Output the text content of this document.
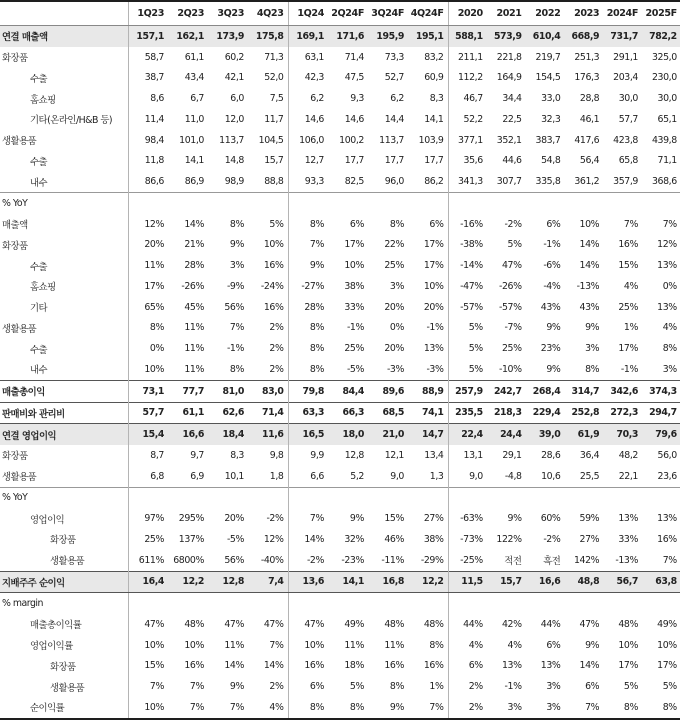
	1Q23	2Q23	3Q23	4Q23	1Q24	2Q24F	3Q24F	4Q24F	2020	2021	2022	2023	2024F	2025F
연결 매출액	157,1	162,1	173,9	175,8	169,1	171,6	195,9	195,1	588,1	573,9	610,4	668,9	731,7	782,2
화장품	58,7	61,1	60,2	71,3	63,1	71,4	73,3	83,2	211,1	221,8	219,7	251,3	291,1	325,0
수출	38,7	43,4	42,1	52,0	42,3	47,5	52,7	60,9	112,2	164,9	154,5	176,3	203,4	230,0
홈쇼핑	8,6	6,7	6,0	7,5	6,2	9,3	6,2	8,3	46,7	34,4	33,0	28,8	30,0	30,0
기타(온라인/H&B 등)	11,4	11,0	12,0	11,7	14,6	14,6	14,4	14,1	52,2	22,5	32,3	46,1	57,7	65,1
생활용품	98,4	101,0	113,7	104,5	106,0	100,2	113,7	103,9	377,1	352,1	383,7	417,6	423,8	439,8
수출	11,8	14,1	14,8	15,7	12,7	17,7	17,7	17,7	35,6	44,6	54,8	56,4	65,8	71,1
내수	86,6	86,9	98,9	88,8	93,3	82,5	96,0	86,2	341,3	307,7	335,8	361,2	357,9	368,6
% YoY														
매출액	12%	14%	8%	5%	8%	6%	8%	6%	-16%	-2%	6%	10%	7%	7%
화장품	20%	21%	9%	10%	7%	17%	22%	17%	-38%	5%	-1%	14%	16%	12%
수출	11%	28%	3%	16%	9%	10%	25%	17%	-14%	47%	-6%	14%	15%	13%
홈쇼핑	17%	-26%	-9%	-24%	-27%	38%	3%	10%	-47%	-26%	-4%	-13%	4%	0%
기타	65%	45%	56%	16%	28%	33%	20%	20%	-57%	-57%	43%	43%	25%	13%
생활용품	8%	11%	7%	2%	8%	-1%	0%	-1%	5%	-7%	9%	9%	1%	4%
수출	0%	11%	-1%	2%	8%	25%	20%	13%	5%	25%	23%	3%	17%	8%
내수	10%	11%	8%	2%	8%	-5%	-3%	-3%	5%	-10%	9%	8%	-1%	3%
매출총이익	73,1	77,7	81,0	83,0	79,8	84,4	89,6	88,9	257,9	242,7	268,4	314,7	342,6	374,3
판매비와 관리비	57,7	61,1	62,6	71,4	63,3	66,3	68,5	74,1	235,5	218,3	229,4	252,8	272,3	294,7
연결 영업이익	15,4	16,6	18,4	11,6	16,5	18,0	21,0	14,7	22,4	24,4	39,0	61,9	70,3	79,6
화장품	8,7	9,7	8,3	9,8	9,9	12,8	12,1	13,4	13,1	29,1	28,6	36,4	48,2	56,0
생활용품	6,8	6,9	10,1	1,8	6,6	5,2	9,0	1,3	9,0	-4,8	10,6	25,5	22,1	23,6
% YoY														
영업이익	97%	295%	20%	-2%	7%	9%	15%	27%	-63%	9%	60%	59%	13%	13%
화장품	25%	137%	-5%	12%	14%	32%	46%	38%	-73%	122%	-2%	27%	33%	16%
생활용품	611%	6800%	56%	-40%	-2%	-23%	-11%	-29%	-25%	적전	흑전	142%	-13%	7%
지배주주 순이익	16,4	12,2	12,8	7,4	13,6	14,1	16,8	12,2	11,5	15,7	16,6	48,8	56,7	63,8
% margin														
매출총이익률	47%	48%	47%	47%	47%	49%	48%	48%	44%	42%	44%	47%	48%	49%
영업이익률	10%	10%	11%	7%	10%	11%	11%	8%	4%	4%	6%	9%	10%	10%
화장품	15%	16%	14%	14%	16%	18%	16%	16%	6%	13%	13%	14%	17%	17%
생활용품	7%	7%	9%	2%	6%	5%	8%	1%	2%	-1%	3%	6%	5%	5%
순이익률	10%	7%	7%	4%	8%	8%	9%	7%	2%	3%	3%	7%	8%	8%
